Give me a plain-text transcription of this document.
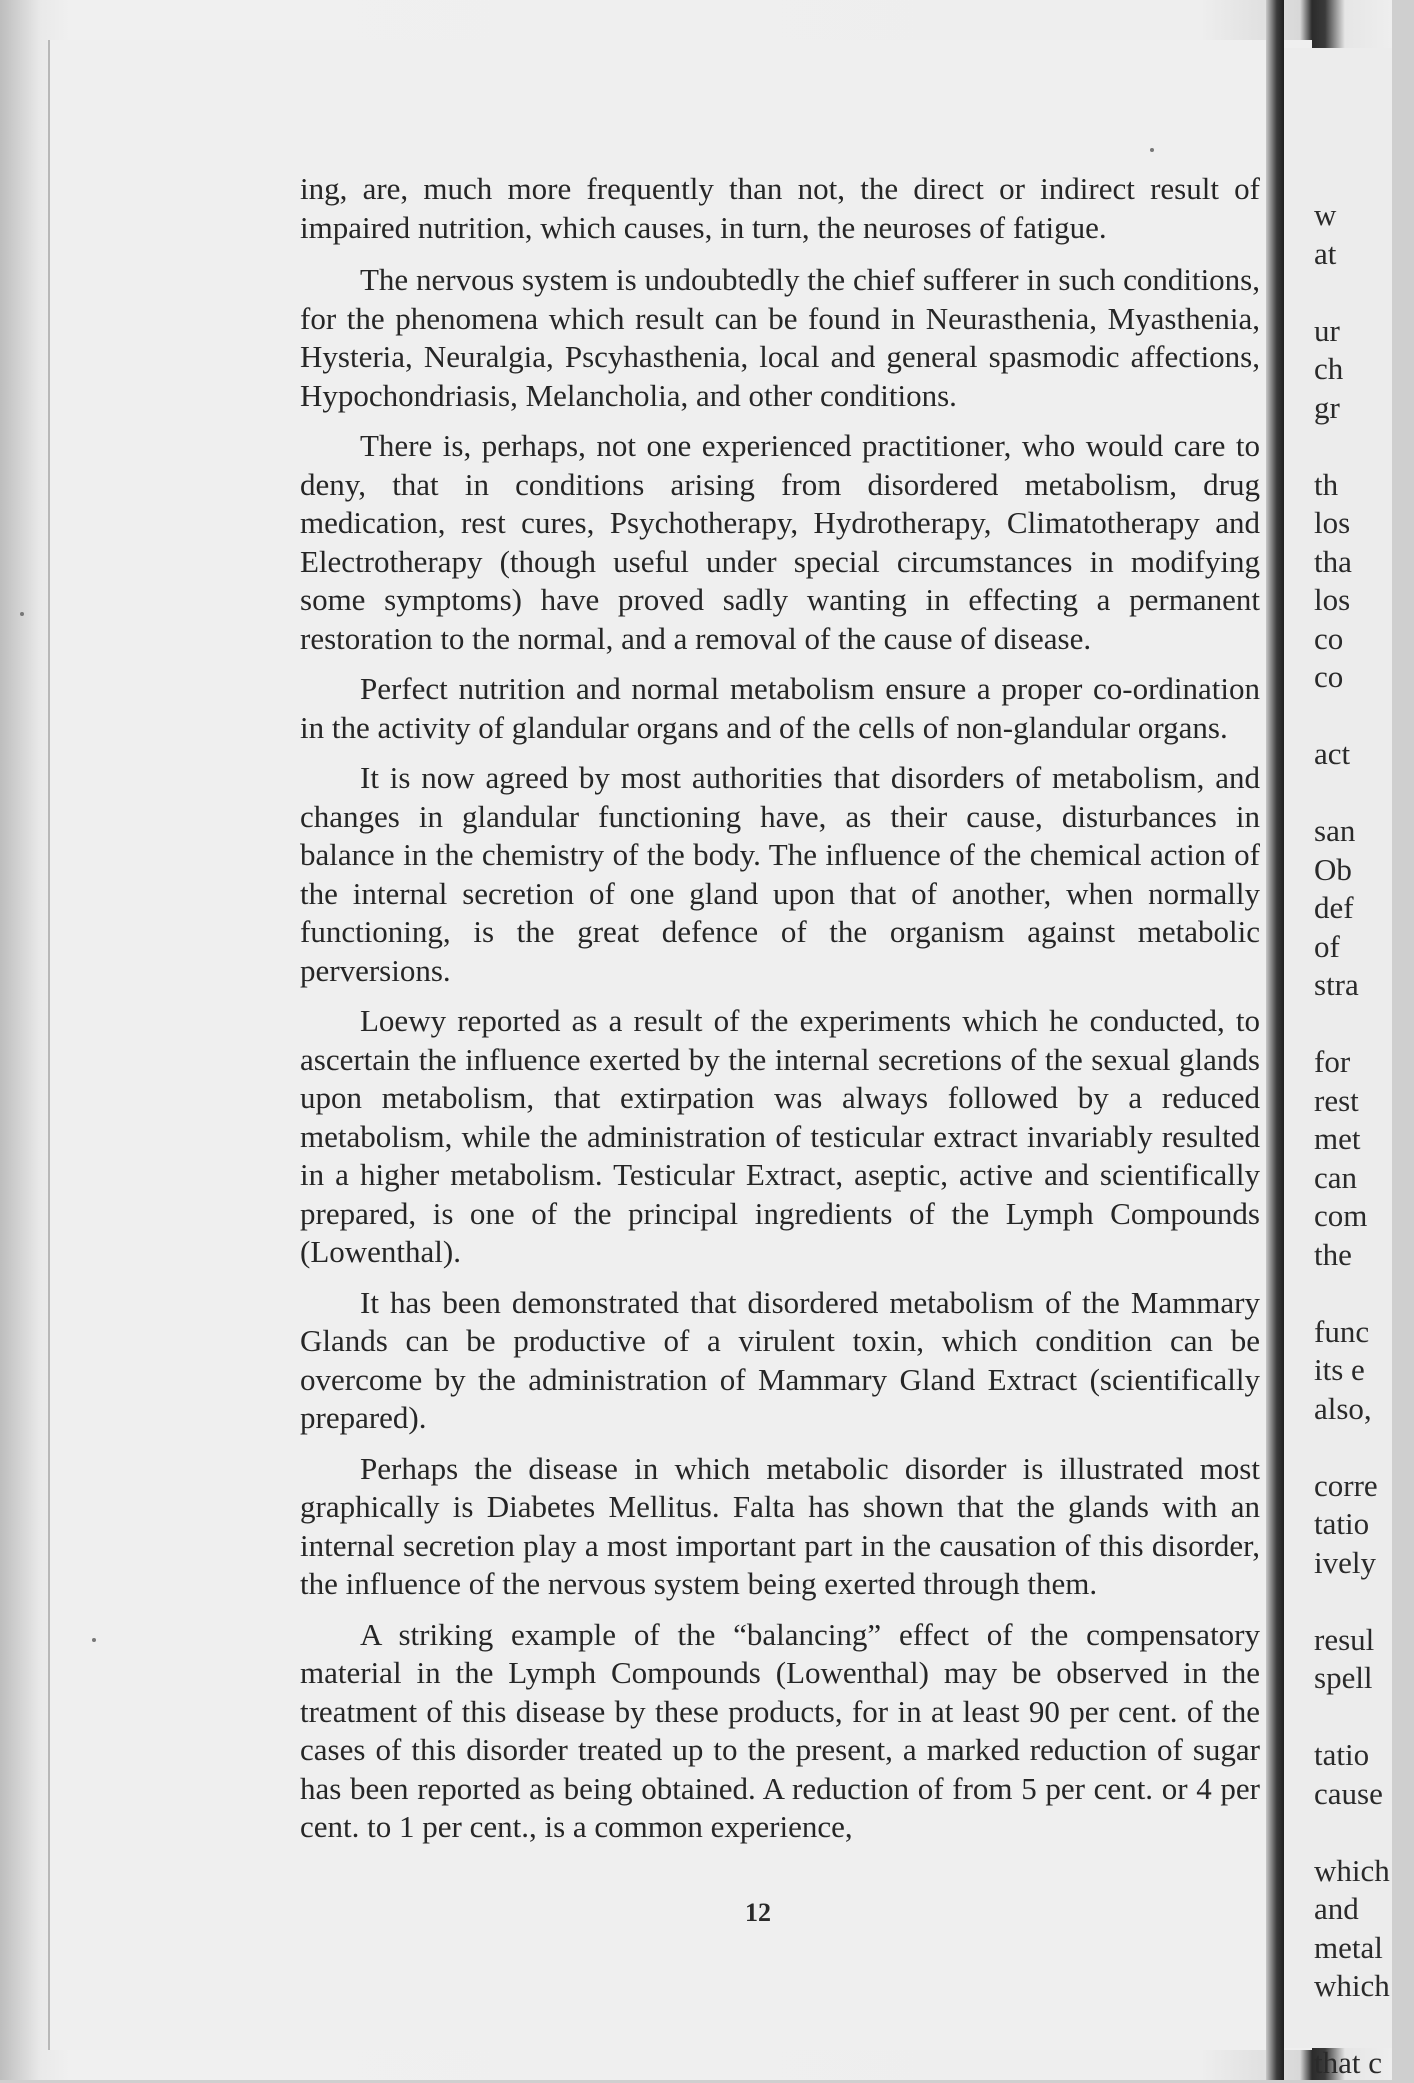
w
at
ur
ch
gr
th
los
tha
los
co
co
act
san
Ob
def
of
stra
for
rest
met
can
com
the
func
its e
also,
corre
tatio
ively
resul
spell
tatio
cause
which
and
metal
which
that c

ing, are, much more frequently than not, the direct or indirect result of impaired nutrition, which causes, in turn, the neuroses of fatigue.

The nervous system is undoubtedly the chief sufferer in such conditions, for the phenomena which result can be found in Neurasthenia, Myasthenia, Hysteria, Neuralgia, Pscyhasthenia, local and general spasmodic affections, Hypochondriasis, Melancholia, and other conditions.

There is, perhaps, not one experienced practitioner, who would care to deny, that in conditions arising from disordered metabolism, drug medication, rest cures, Psychotherapy, Hydrotherapy, Climatotherapy and Electrotherapy (though useful under special circumstances in modifying some symptoms) have proved sadly wanting in effecting a permanent restoration to the normal, and a removal of the cause of disease.

Perfect nutrition and normal metabolism ensure a proper co-ordination in the activity of glandular organs and of the cells of non-glandular organs.

It is now agreed by most authorities that disorders of metabolism, and changes in glandular functioning have, as their cause, disturbances in balance in the chemistry of the body. The influence of the chemical action of the internal secretion of one gland upon that of another, when normally functioning, is the great defence of the organism against metabolic perversions.

Loewy reported as a result of the experiments which he conducted, to ascertain the influence exerted by the internal secretions of the sexual glands upon metabolism, that extirpation was always followed by a reduced metabolism, while the administration of testicular extract invariably resulted in a higher metabolism. Testicular Extract, aseptic, active and scientifically prepared, is one of the principal ingredients of the Lymph Compounds (Lowenthal).

It has been demonstrated that disordered metabolism of the Mammary Glands can be productive of a virulent toxin, which condition can be overcome by the administration of Mammary Gland Extract (scientifically prepared).

Perhaps the disease in which metabolic disorder is illustrated most graphically is Diabetes Mellitus. Falta has shown that the glands with an internal secretion play a most important part in the causation of this disorder, the influence of the nervous system being exerted through them.

A striking example of the “balancing” effect of the compensatory material in the Lymph Compounds (Lowenthal) may be observed in the treatment of this disease by these products, for in at least 90 per cent. of the cases of this disorder treated up to the present, a marked reduction of sugar has been reported as being obtained. A reduction of from 5 per cent. or 4 per cent. to 1 per cent., is a common experience,

12
